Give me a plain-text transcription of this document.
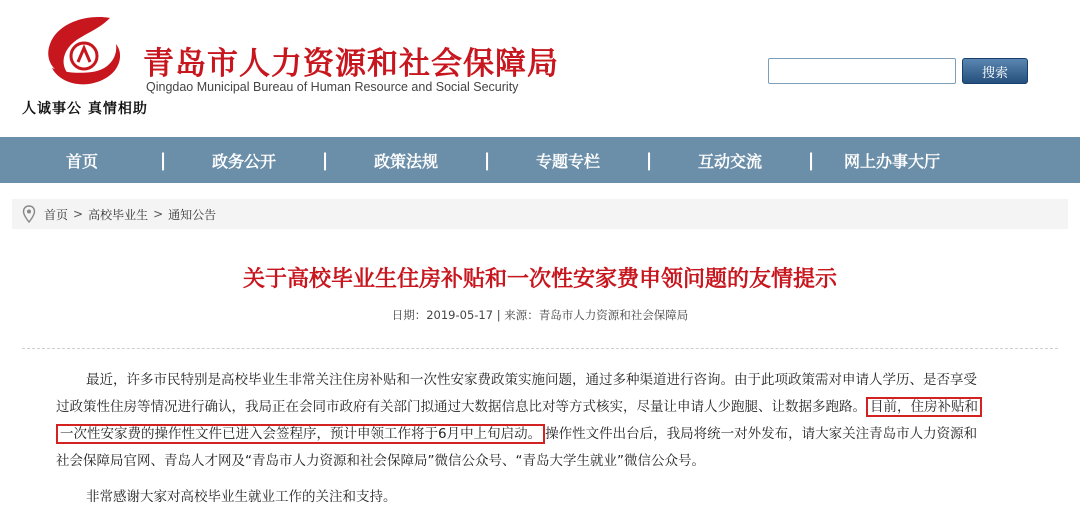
人诚事公 真情相助
青岛市人力资源和社会保障局
Qingdao Municipal Bureau of Human Resource and Social Security
搜索
首页	|	政务公开	|	政策法规	|	专题专栏	|	互动交流	|	网上办事大厅
首页 > 高校毕业生 > 通知公告
关于高校毕业生住房补贴和一次性安家费申领问题的友情提示
日期：2019-05-17 | 来源：青岛市人力资源和社会保障局
最近，许多市民特别是高校毕业生非常关注住房补贴和一次性安家费政策实施问题，通过多种渠道进行咨询。由于此项政策需对申请人学历、是否享受
过政策性住房等情况进行确认，我局正在会同市政府有关部门拟通过大数据信息比对等方式核实，尽量让申请人少跑腿、让数据多跑路。 目前，住房补贴和
一次性安家费的操作性文件已进入会签程序，预计申领工作将于6月中上旬启动。 操作性文件出台后，我局将统一对外发布，请大家关注青岛市人力资源和
社会保障局官网、青岛人才网及“青岛市人力资源和社会保障局”微信公众号、“青岛大学生就业”微信公众号。
非常感谢大家对高校毕业生就业工作的关注和支持。
